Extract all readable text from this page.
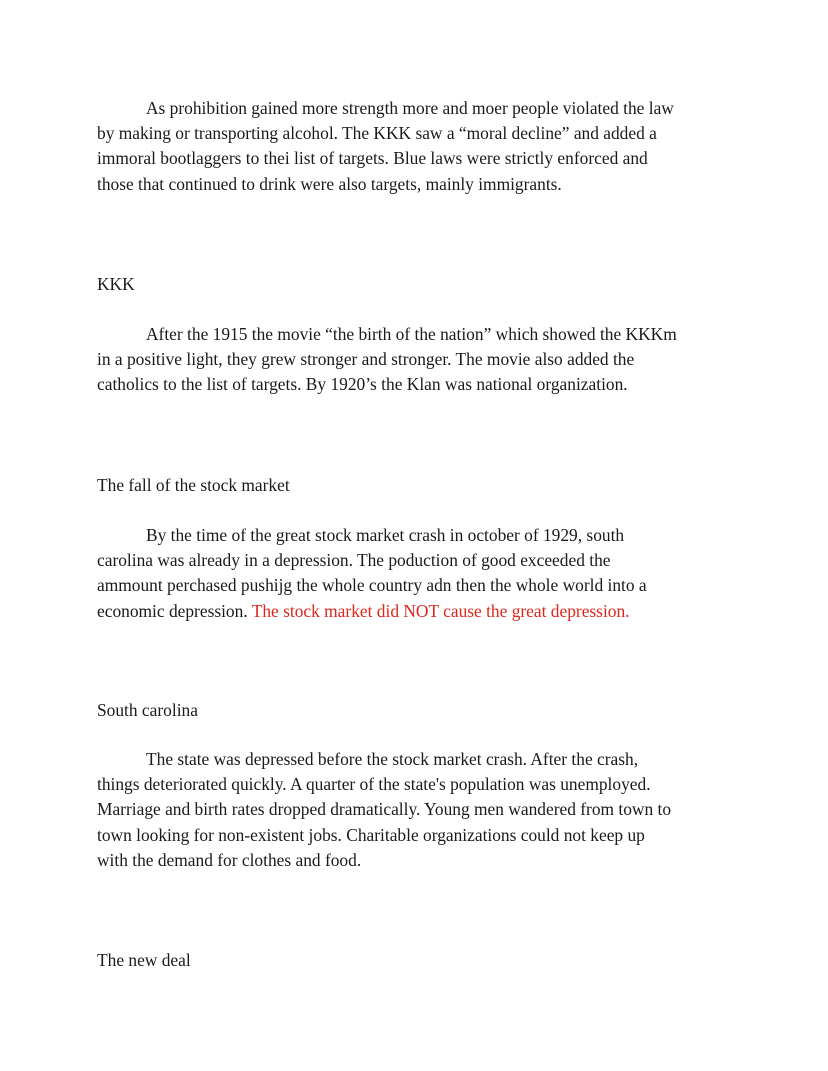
As prohibition gained more strength more and moer people violated the law
by making or transporting alcohol. The KKK saw a “moral decline” and added a
immoral bootlaggers to thei list of targets. Blue laws were strictly enforced and
those that continued to drink were also targets, mainly immigrants.

KKK

After the 1915 the movie “the birth of the nation” which showed the KKKm
in a positive light, they grew stronger and stronger. The movie also added the
catholics to the list of targets. By 1920’s the Klan was national organization.

The fall of the stock market

By the time of the great stock market crash in october of 1929, south
carolina was already in a depression. The poduction of good exceeded the
ammount perchased pushijg the whole country adn then the whole world into a
economic depression. The stock market did NOT cause the great depression.

South carolina

The state was depressed before the stock market crash. After the crash,
things deteriorated quickly. A quarter of the state's population was unemployed.
Marriage and birth rates dropped dramatically. Young men wandered from town to
town looking for non-existent jobs. Charitable organizations could not keep up
with the demand for clothes and food.

The new deal
